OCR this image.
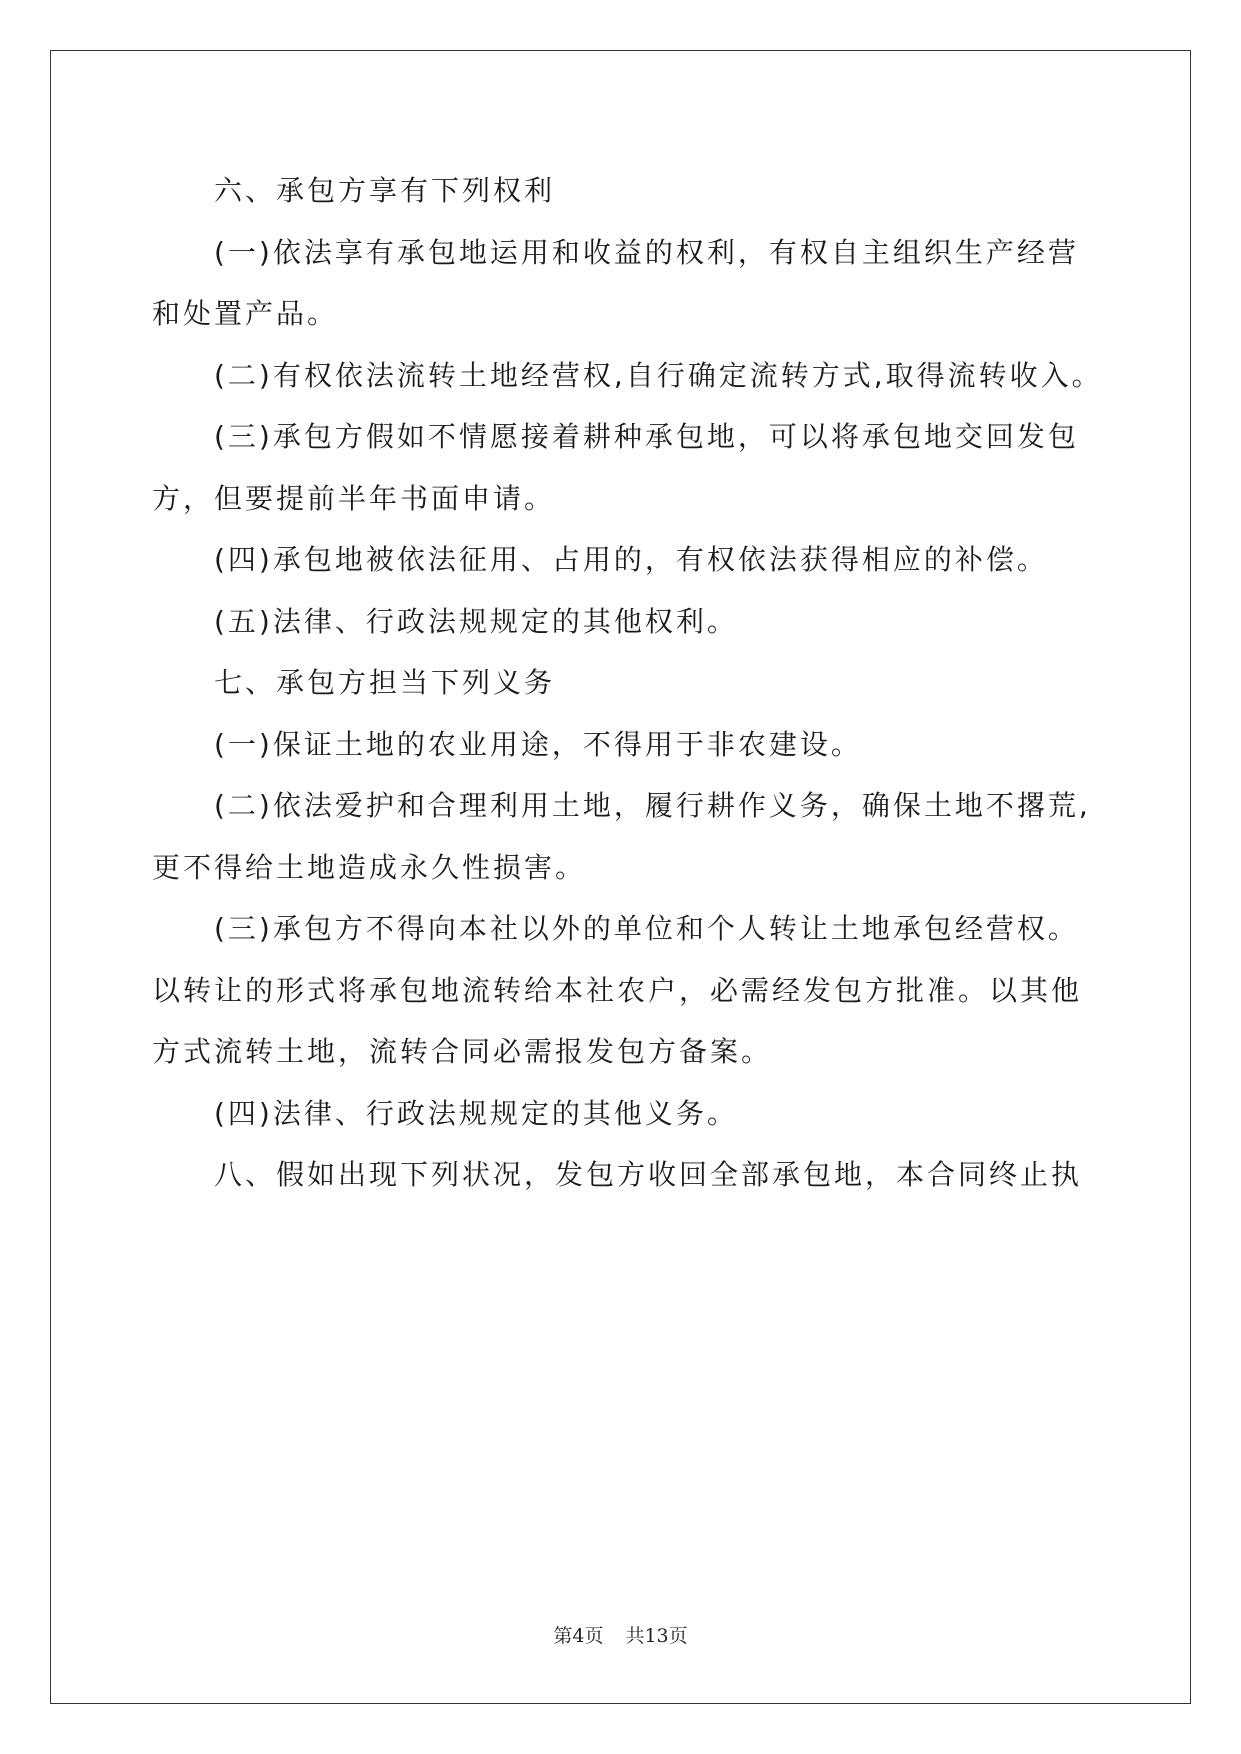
六、承包方享有下列权利
(一)依法享有承包地运用和收益的权利，有权自主组织生产经营
和处置产品。
(二)有权依法流转土地经营权,自行确定流转方式,取得流转收入。
(三)承包方假如不情愿接着耕种承包地，可以将承包地交回发包
方，但要提前半年书面申请。
(四)承包地被依法征用、占用的，有权依法获得相应的补偿。
(五)法律、行政法规规定的其他权利。
七、承包方担当下列义务
(一)保证土地的农业用途，不得用于非农建设。
(二)依法爱护和合理利用土地，履行耕作义务，确保土地不撂荒,
更不得给土地造成永久性损害。
(三)承包方不得向本社以外的单位和个人转让土地承包经营权。
以转让的形式将承包地流转给本社农户，必需经发包方批准。以其他
方式流转土地，流转合同必需报发包方备案。
(四)法律、行政法规规定的其他义务。
八、假如出现下列状况，发包方收回全部承包地，本合同终止执
第4页 共13页
